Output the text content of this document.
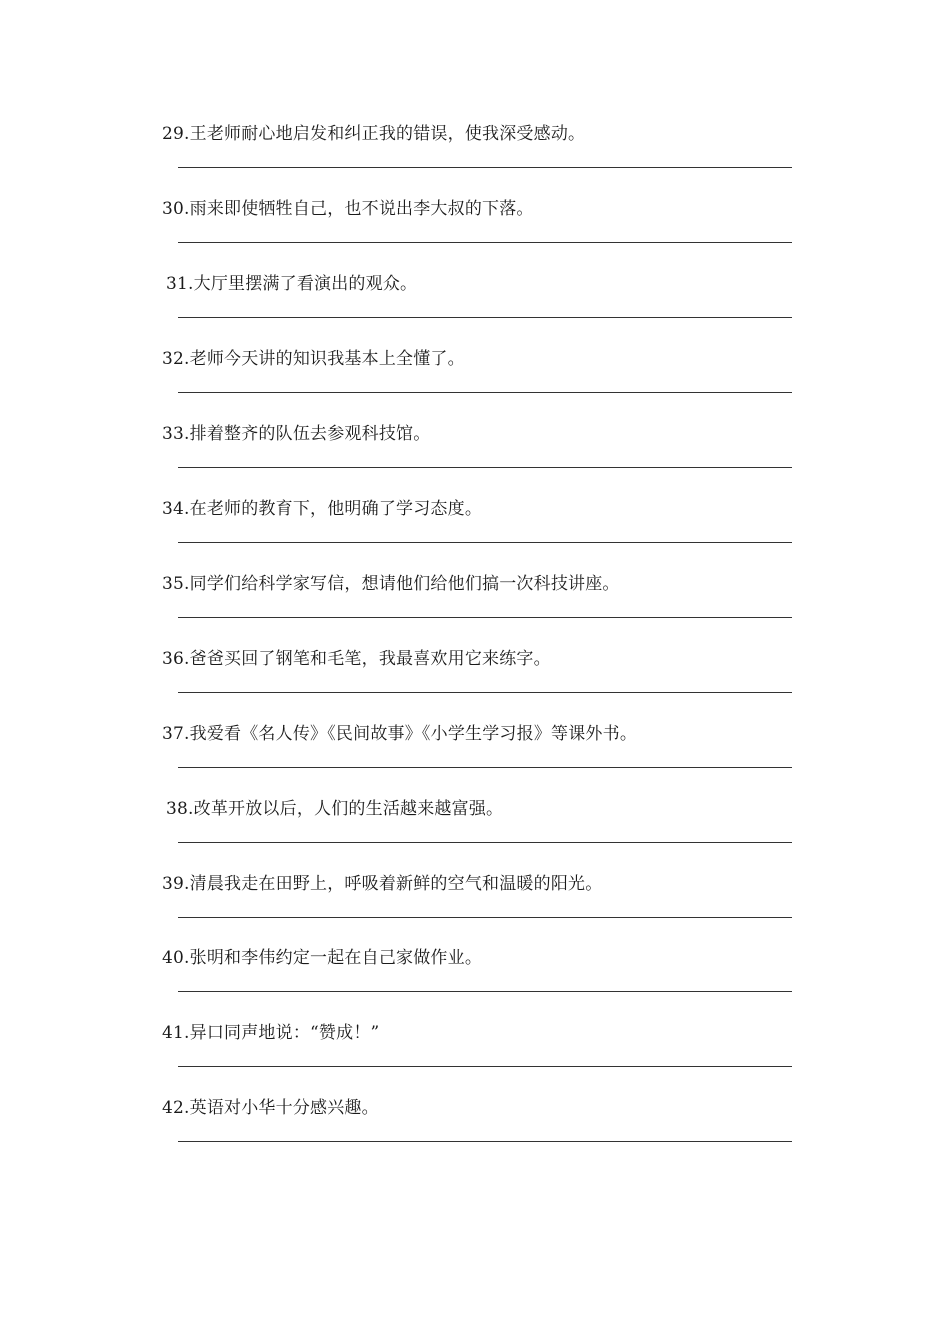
29.王老师耐心地启发和纠正我的错误，使我深受感动。
30.雨来即使牺牲自己，也不说出李大叔的下落。
31.大厅里摆满了看演出的观众。
32.老师今天讲的知识我基本上全懂了。
33.排着整齐的队伍去参观科技馆。
34.在老师的教育下，他明确了学习态度。
35.同学们给科学家写信，想请他们给他们搞一次科技讲座。
36.爸爸买回了钢笔和毛笔，我最喜欢用它来练字。
37.我爱看《名人传》《民间故事》《小学生学习报》等课外书。
38.改革开放以后，人们的生活越来越富强。
39.清晨我走在田野上，呼吸着新鲜的空气和温暖的阳光。
40.张明和李伟约定一起在自己家做作业。
41.异口同声地说：“赞成！”
42.英语对小华十分感兴趣。
